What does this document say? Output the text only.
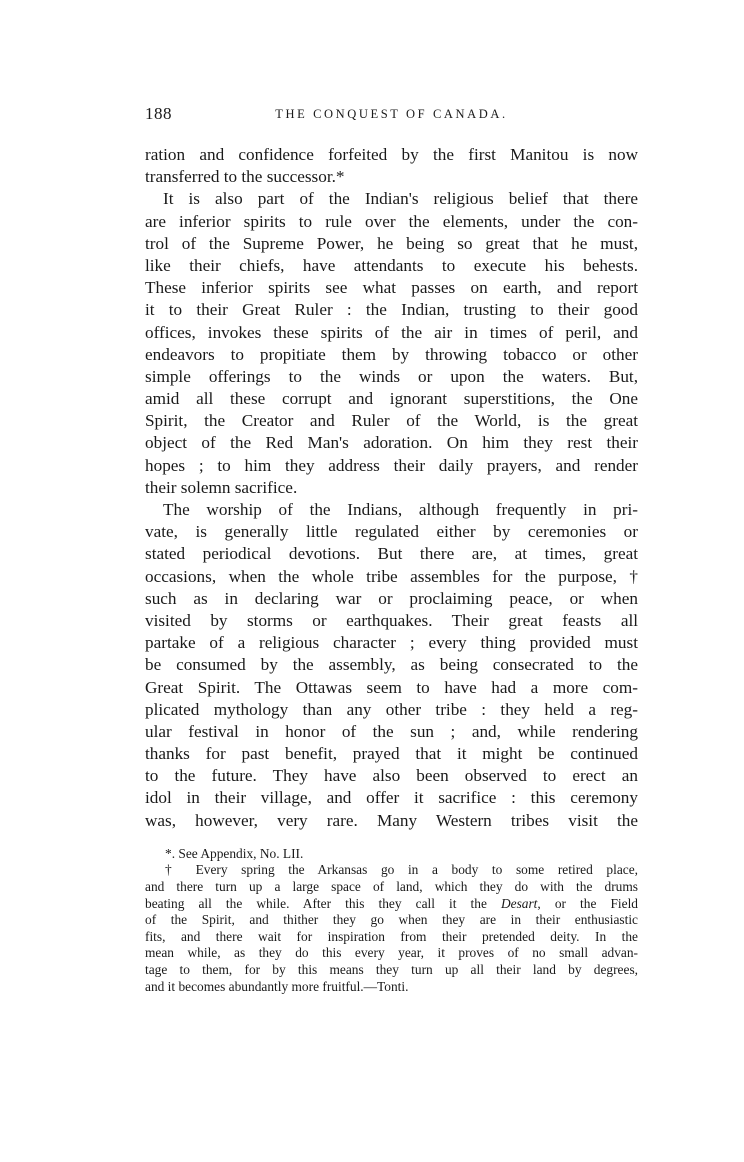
188	THE CONQUEST OF CANADA.
ration and confidence forfeited by the first Manitou is now
transferred to the successor.*
It is also part of the Indian's religious belief that there
are inferior spirits to rule over the elements, under the con-
trol of the Supreme Power, he being so great that he must,
like their chiefs, have attendants to execute his behests.
These inferior spirits see what passes on earth, and report
it to their Great Ruler : the Indian, trusting to their good
offices, invokes these spirits of the air in times of peril, and
endeavors to propitiate them by throwing tobacco or other
simple offerings to the winds or upon the waters. But,
amid all these corrupt and ignorant superstitions, the One
Spirit, the Creator and Ruler of the World, is the great
object of the Red Man's adoration. On him they rest their
hopes ; to him they address their daily prayers, and render
their solemn sacrifice.
The worship of the Indians, although frequently in pri-
vate, is generally little regulated either by ceremonies or
stated periodical devotions. But there are, at times, great
occasions, when the whole tribe assembles for the purpose, †
such as in declaring war or proclaiming peace, or when
visited by storms or earthquakes. Their great feasts all
partake of a religious character ; every thing provided must
be consumed by the assembly, as being consecrated to the
Great Spirit. The Ottawas seem to have had a more com-
plicated mythology than any other tribe : they held a reg-
ular festival in honor of the sun ; and, while rendering
thanks for past benefit, prayed that it might be continued
to the future. They have also been observed to erect an
idol in their village, and offer it sacrifice : this ceremony
was, however, very rare. Many Western tribes visit the
*. See Appendix, No. LII.
† Every spring the Arkansas go in a body to some retired place,
and there turn up a large space of land, which they do with the drums
beating all the while. After this they call it the Desart, or the Field
of the Spirit, and thither they go when they are in their enthusiastic
fits, and there wait for inspiration from their pretended deity. In the
mean while, as they do this every year, it proves of no small advan-
tage to them, for by this means they turn up all their land by degrees,
and it becomes abundantly more fruitful.—Tonti.
